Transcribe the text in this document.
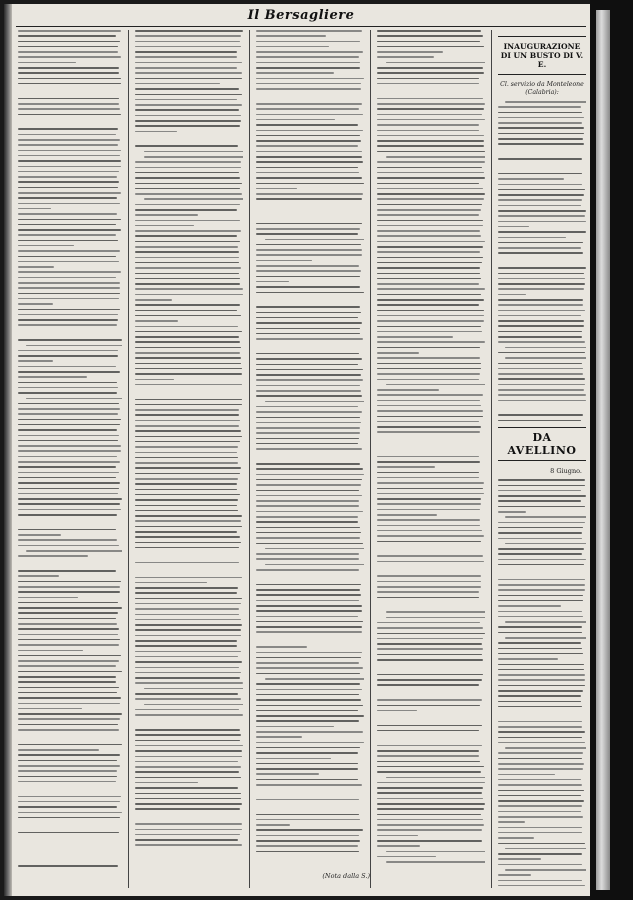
Il Bersagliere
INAUGURAZIONE DI UN BUSTO DI V. E.
Cl. servizio da Monteleone (Calabria):
DA AVELLINO
8 Giugno.
(Nota dalla S.)
